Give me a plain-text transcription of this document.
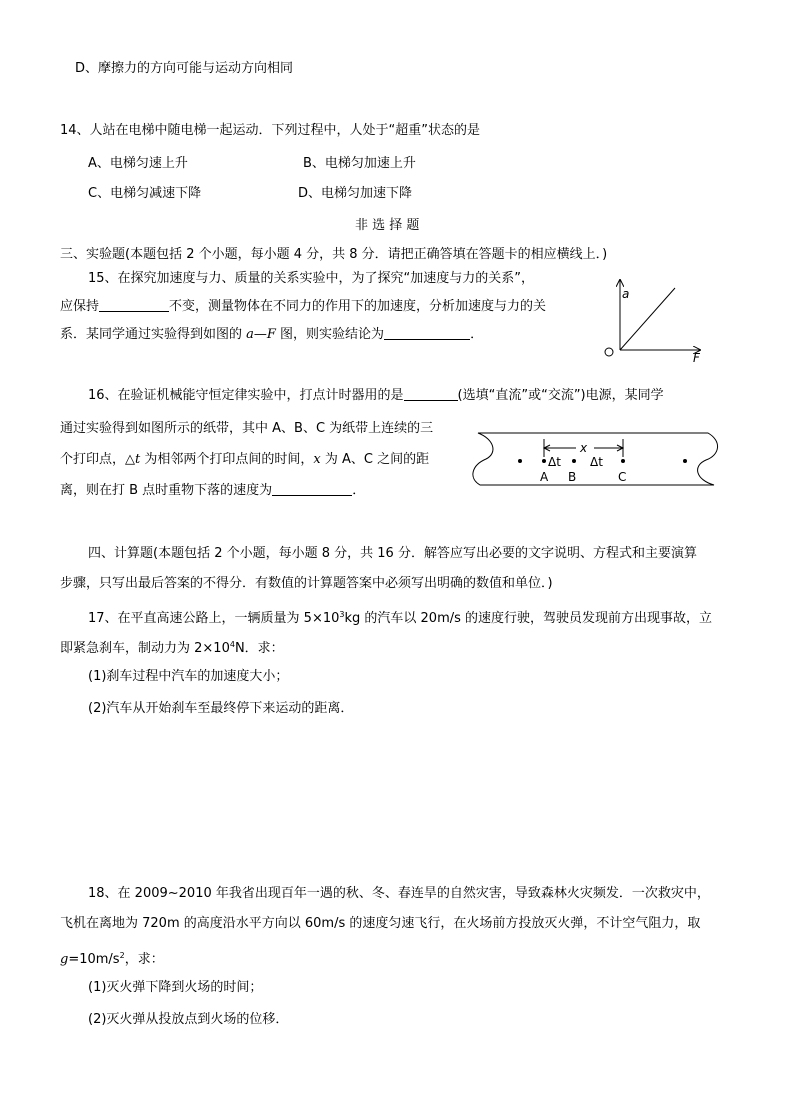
D、摩擦力的方向可能与运动方向相同
14、人站在电梯中随电梯一起运动．下列过程中，人处于“超重”状态的是
A、电梯匀速上升	B、电梯匀加速上升
C、电梯匀减速下降	D、电梯匀加速下降
非 选 择 题
三、实验题(本题包括 2 个小题，每小题 4 分，共 8 分．请把正确答填在答题卡的相应横线上．)
15、在探究加速度与力、质量的关系实验中，为了探究“加速度与力的关系”，
应保持	不变，测量物体在不同力的作用下的加速度，分析加速度与力的关
系．某同学通过实验得到如图的 a—F 图，则实验结论为	．
a
F
16、在验证机械能守恒定律实验中，打点计时器用的是	(选填“直流”或“交流”)电源，某同学
通过实验得到如图所示的纸带，其中 A、B、C 为纸带上连续的三
个打印点，△t 为相邻两个打印点间的时间，x 为 A、C 之间的距
离，则在打 B 点时重物下落的速度为	．
x
Δt Δt
A B	C
四、计算题(本题包括 2 个小题，每小题 8 分，共 16 分．解答应写出必要的文字说明、方程式和主要演算
步骤，只写出最后答案的不得分．有数值的计算题答案中必须写出明确的数值和单位．)
17、在平直高速公路上，一辆质量为 $5\times 10^3kg$ 的汽车以 20m/s 的速度行驶，驾驶员发现前方出现事故，立
即紧急刹车，制动力为 $2\times 10^4N$．求：
(1)刹车过程中汽车的加速度大小；
(2)汽车从开始刹车至最终停下来运动的距离．
18、在 2009~2010 年我省出现百年一遇的秋、冬、春连旱的自然灾害，导致森林火灾频发．一次救灾中，
飞机在离地为 720m 的高度沿水平方向以 60m/s 的速度匀速飞行，在火场前方投放灭火弹，不计空气阻力，取
$g=10m/s^2$，求：
(1)灭火弹下降到火场的时间；
(2)灭火弹从投放点到火场的位移．
